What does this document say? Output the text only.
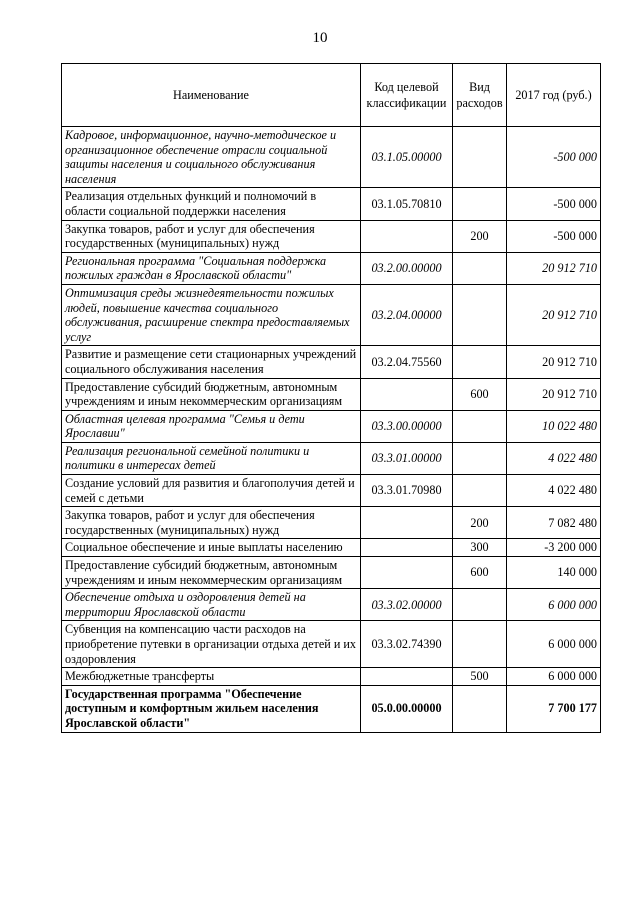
10
Наименование	Код целевой классификации	Вид расходов	2017 год (руб.)
Кадровое, информационное, научно-методическое и организационное обеспечение отрасли социальной защиты населения и социального обслуживания населения	03.1.05.00000		-500 000
Реализация отдельных функций и полномочий в области социальной поддержки населения	03.1.05.70810		-500 000
Закупка товаров, работ и услуг для обеспечения государственных (муниципальных) нужд		200	-500 000
Региональная программа "Социальная поддержка пожилых граждан в Ярославской области"	03.2.00.00000		20 912 710
Оптимизация среды жизнедеятельности пожилых людей, повышение качества социального обслуживания, расширение спектра предоставляемых услуг	03.2.04.00000		20 912 710
Развитие и размещение сети стационарных учреждений социального обслуживания населения	03.2.04.75560		20 912 710
Предоставление субсидий бюджетным, автономным учреждениям и иным некоммерческим организациям		600	20 912 710
Областная целевая программа "Семья и дети Ярославии"	03.3.00.00000		10 022 480
Реализация региональной семейной политики и политики в интересах детей	03.3.01.00000		4 022 480
Создание условий для развития и благополучия детей и семей с детьми	03.3.01.70980		4 022 480
Закупка товаров, работ и услуг для обеспечения государственных (муниципальных) нужд		200	7 082 480
Социальное обеспечение и иные выплаты населению		300	-3 200 000
Предоставление субсидий бюджетным, автономным учреждениям и иным некоммерческим организациям		600	140 000
Обеспечение отдыха и оздоровления детей на территории Ярославской области	03.3.02.00000		6 000 000
Субвенция на компенсацию части расходов на приобретение путевки в организации отдыха детей и их оздоровления	03.3.02.74390		6 000 000
Межбюджетные трансферты		500	6 000 000
Государственная программа "Обеспечение доступным и комфортным жильем населения Ярославской области"	05.0.00.00000		7 700 177
